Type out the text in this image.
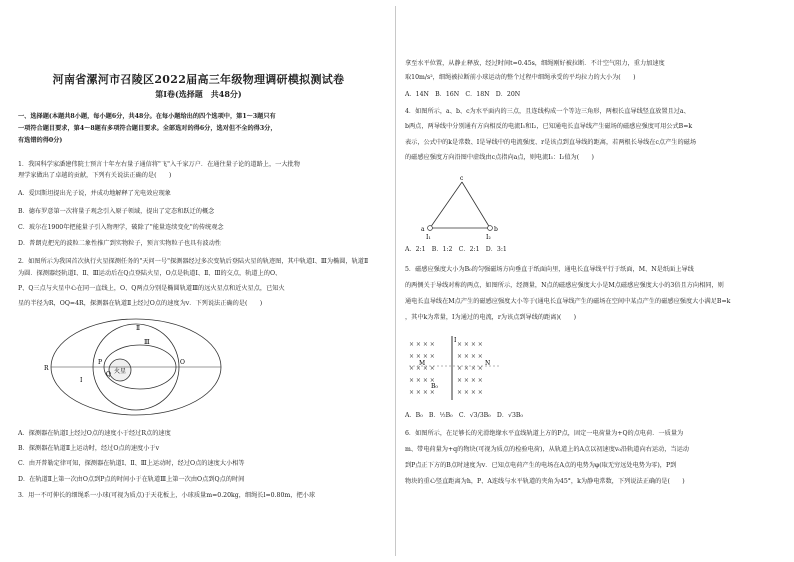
河南省漯河市召陵区2022届高三年级物理调研模拟测试卷
第Ⅰ卷(选择题　共48分)
一、选择题(本题共8小题，每小题6分，共48分。在每小题给出的四个选项中，第1～3题只有
一项符合题目要求，第4～8题有多项符合题目要求。全部选对的得6分，选对但不全的得3分，
有选错的得0分)
1．我国科学家潘建伟院士预言十年左右量子通信将"飞"入千家万户．在通往量子论的道路上，一大批物
理学家做出了卓越的贡献，下列有关说法正确的是(　　)
A．爱因斯坦提出光子说，并成功地解释了光电效应现象
B．德布罗意第一次将量子观念引入原子领域，提出了定态和跃迁的概念
C．玻尔在1900年把能量子引入物理学，破除了"能量连续变化"的传统观念
D．普朗克把光的波粒二象性推广到实物粒子，预言实物粒子也具有波动性
2．如图所示为我国首次执行火星探测任务的"天问一号"探测器经过多次变轨后登陆火星的轨迹图，其中轨道Ⅰ、Ⅲ为椭圆，轨道Ⅱ
为圆．探测器经轨道Ⅰ、Ⅱ、Ⅲ运动后在Q点登陆火星，O点是轨道Ⅰ、Ⅱ、Ⅲ的交点，轨道上的O、
P、Q三点与火星中心在同一直线上，O、Q两点分别是椭圆轨道Ⅲ的远火星点和近火星点，已知火
星的半径为R，OQ=4R，探测器在轨道Ⅱ上经过O点的速度为v．下列说法正确的是(　　)
R
O
P
Q
Ⅰ
Ⅱ
Ⅲ
火星
A．探测器在轨道Ⅰ上经过O点的速度小于经过R点的速度
B．探测器在轨道Ⅱ上运动时，经过O点的速度小于v
C．由开普勒定律可知，探测器在轨道Ⅰ、Ⅱ、Ⅲ上运动时，经过O点的速度大小相等
D．在轨道Ⅱ上第一次由O点到P点的时间小于在轨道Ⅲ上第一次由O点到Q点的时间
3．用一不可伸长的细绳系一小球(可视为质点)于天花板上，小球质量m=0.20kg，细绳长l=0.80m，把小球
拿至水平位置，从静止释放，经过时间t=0.45s，细绳刚好被拉断．不计空气阻力，重力加速度
取10m/s²，细绳被拉断前小球运动的整个过程中细绳承受的平均拉力的大小为(　　)
A．14N　B．16N　C．18N　D．20N
4．如图所示，a、b、c为水平面内的三点，且连线构成一个等边三角形，两根长直导线竖直放置且过a、
b两点，两导线中分别通有方向相反的电流I₁和I₂，已知通电长直导线产生磁场的磁感应强度可用公式B=k
表示，公式中的k是常数、I是导线中的电流强度、r是该点到直导线的距离，若两根长导线在c点产生的磁场
的磁感应强度方向沿图中虚线由c点指向a点，则电流I₁：I₂值为(　　)
c
a	b
I₁	I₂
A．2:1　B．1:2　C．2:1　D．3:1
5．磁感应强度大小为B₀的匀强磁场方向垂直于纸面向里，通电长直导线平行于纸面，M、N是纸面上导线
的两侧关于导线对称的两点，如图所示，经测量，N点的磁感应强度大小是M点磁感应强度大小的3倍且方向相同，则
通电长直导线在M点产生的磁感应强度大小等于(通电长直导线产生的磁场在空间中某点产生的磁感应强度大小满足B=k
，其中k为常量，I为通过的电流，r为该点到导线的距离)(　　)
× × × ×	× × × ×
× × × ×	× × × ×
× × × ×	× × × ×
× × × ×	× × × ×
× × × ×	× × × ×
M	N
B₀
I
A．B₀　B．½B₀　C．√3/3B₀　D．√3B₀
6．如图所示，在足够长的光滑绝缘水平直线轨道上方的P点，固定一电荷量为+Q的点电荷．一质量为
m、带电荷量为+q的物块(可视为质点的检验电荷)，从轨道上的A点以初速度v₀沿轨道向右运动，当运动
到P点正下方的B点时速度为v．已知点电荷产生的电场在A点的电势为φ(取无穷远处电势为零)，P到
物块的重心竖直距离为h，P、A连线与水平轨道的夹角为45°，k为静电常数，下列说法正确的是(　　)
